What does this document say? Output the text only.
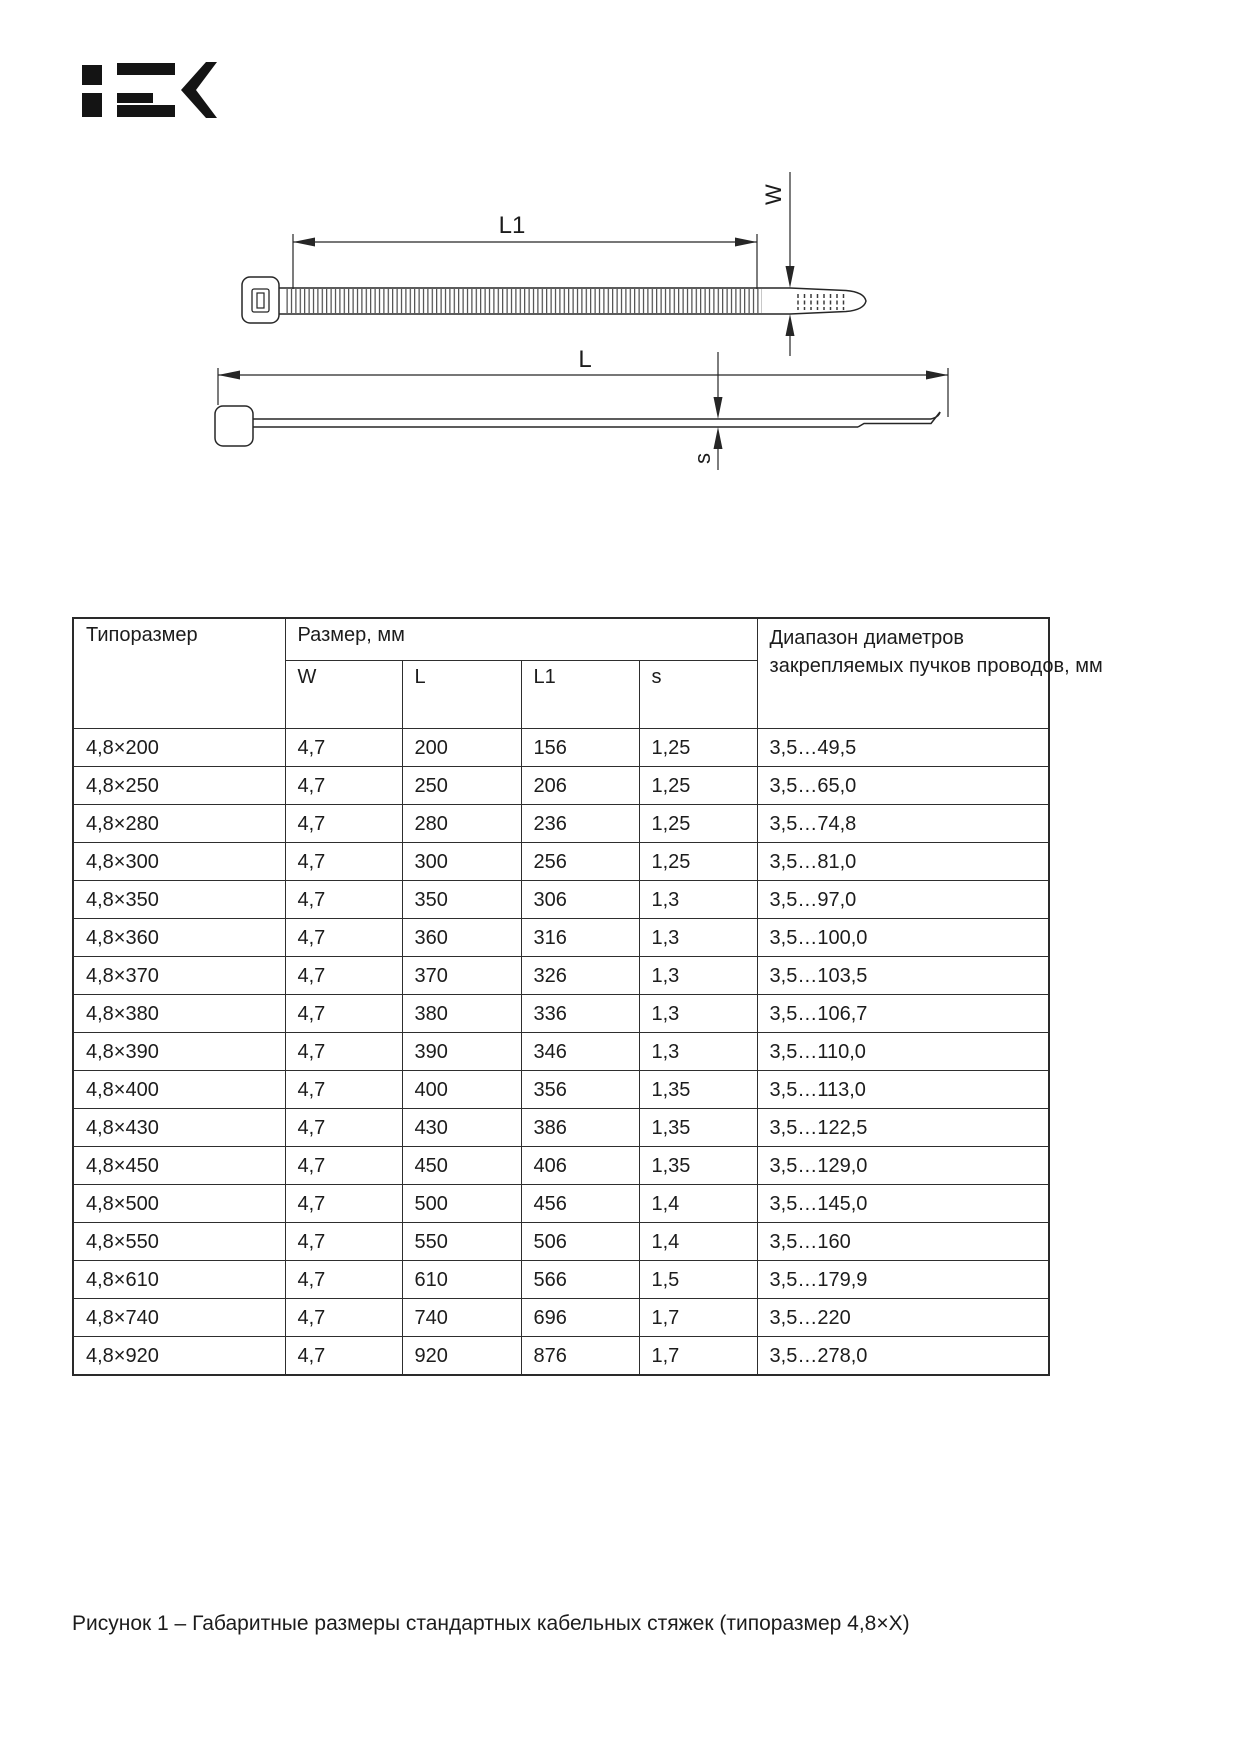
L1
W
L
s
Типоразмер	Размер, мм				Диапазон диаметров
закрепляемых пучков проводов, мм

	W	L	L1	s	
4,8×200	4,7	200	156	1,25	3,5…49,5
4,8×250	4,7	250	206	1,25	3,5…65,0
4,8×280	4,7	280	236	1,25	3,5…74,8
4,8×300	4,7	300	256	1,25	3,5…81,0
4,8×350	4,7	350	306	1,3	3,5…97,0
4,8×360	4,7	360	316	1,3	3,5…100,0
4,8×370	4,7	370	326	1,3	3,5…103,5
4,8×380	4,7	380	336	1,3	3,5…106,7
4,8×390	4,7	390	346	1,3	3,5…110,0
4,8×400	4,7	400	356	1,35	3,5…113,0
4,8×430	4,7	430	386	1,35	3,5…122,5
4,8×450	4,7	450	406	1,35	3,5…129,0
4,8×500	4,7	500	456	1,4	3,5…145,0
4,8×550	4,7	550	506	1,4	3,5…160
4,8×610	4,7	610	566	1,5	3,5…179,9
4,8×740	4,7	740	696	1,7	3,5…220
4,8×920	4,7	920	876	1,7	3,5…278,0
Рисунок 1 – Габаритные размеры стандартных кабельных стяжек (типоразмер 4,8×X)
